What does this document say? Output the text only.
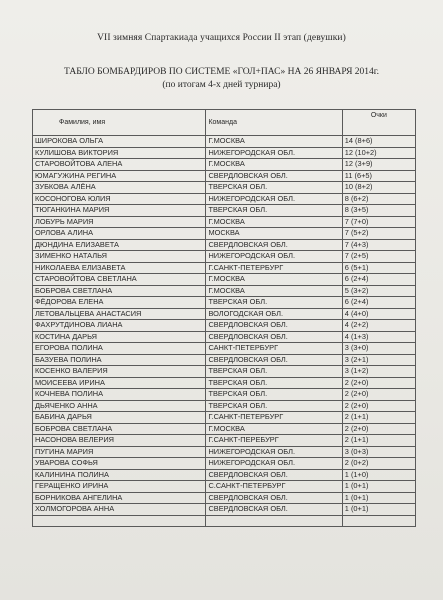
VII зимняя Спартакиада учащихся России II этап (девушки)
ТАБЛО БОМБАРДИРОВ ПО СИСТЕМЕ «ГОЛ+ПАС» НА 26 ЯНВАРЯ 2014г.
(по итогам 4-х дней турнира)
Фамилия, имя	Команда	Очки
ШИРОКОВА ОЛЬГА	Г.МОСКВА	14 (8+6)
КУЛИШОВА ВИКТОРИЯ	НИЖЕГОРОДСКАЯ ОБЛ.	12 (10+2)
СТАРОВОЙТОВА АЛЕНА	Г.МОСКВА	12 (3+9)
ЮМАГУЖИНА РЕГИНА	СВЕРДЛОВСКАЯ ОБЛ.	11 (6+5)
ЗУБКОВА АЛЁНА	ТВЕРСКАЯ ОБЛ.	10 (8+2)
КОСОНОГОВА ЮЛИЯ	НИЖЕГОРОДСКАЯ ОБЛ.	8 (6+2)
ТЮГАНКИНА МАРИЯ	ТВЕРСКАЯ ОБЛ.	8 (3+5)
ЛОБУРЬ МАРИЯ	Г.МОСКВА	7 (7+0)
ОРЛОВА АЛИНА	МОСКВА	7 (5+2)
ДЮНДИНА ЕЛИЗАВЕТА	СВЕРДЛОВСКАЯ ОБЛ.	7 (4+3)
ЗИМЕНКО НАТАЛЬЯ	НИЖЕГОРОДСКАЯ ОБЛ.	7 (2+5)
НИКОЛАЕВА ЕЛИЗАВЕТА	Г.САНКТ-ПЕТЕРБУРГ	6 (5+1)
СТАРОВОЙТОВА СВЕТЛАНА	Г.МОСКВА	6 (2+4)
БОБРОВА СВЕТЛАНА	Г.МОСКВА	5 (3+2)
ФЁДОРОВА ЕЛЕНА	ТВЕРСКАЯ ОБЛ.	6 (2+4)
ЛЕТОВАЛЬЦЕВА АНАСТАСИЯ	ВОЛОГОДСКАЯ ОБЛ.	4 (4+0)
ФАХРУТДИНОВА ЛИАНА	СВЕРДЛОВСКАЯ ОБЛ.	4 (2+2)
КОСТИНА ДАРЬЯ	СВЕРДЛОВСКАЯ ОБЛ.	4 (1+3)
ЕГОРОВА ПОЛИНА	САНКТ-ПЕТЕРБУРГ	3 (3+0)
БАЗУЕВА ПОЛИНА	СВЕРДЛОВСКАЯ ОБЛ.	3 (2+1)
КОСЕНКО ВАЛЕРИЯ	ТВЕРСКАЯ ОБЛ.	3 (1+2)
МОИСЕЕВА ИРИНА	ТВЕРСКАЯ ОБЛ.	2 (2+0)
КОЧНЕВА ПОЛИНА	ТВЕРСКАЯ ОБЛ.	2 (2+0)
ДЬЯЧЕНКО АННА	ТВЕРСКАЯ ОБЛ.	2 (2+0)
БАБИНА ДАРЬЯ	Г.САНКТ-ПЕТЕРБУРГ	2 (1+1)
БОБРОВА СВЕТЛАНА	Г.МОСКВА	2 (2+0)
НАСОНОВА ВЕЛЕРИЯ	Г.САНКТ-ПЕРЕБУРГ	2 (1+1)
ПУГИНА МАРИЯ	НИЖЕГОРОДСКАЯ ОБЛ.	3 (0+3)
УВАРОВА СОФЬЯ	НИЖЕГОРОДСКАЯ ОБЛ.	2 (0+2)
КАЛИНИНА ПОЛИНА	СВЕРДЛОВСКАЯ ОБЛ.	1 (1+0)
ГЕРАЩЕНКО ИРИНА	С.САНКТ-ПЕТЕРБУРГ	1 (0+1)
БОРНИКОВА АНГЕЛИНА	СВЕРДЛОВСКАЯ ОБЛ.	1 (0+1)
ХОЛМОГОРОВА АННА	СВЕРДЛОВСКАЯ ОБЛ.	1 (0+1)
